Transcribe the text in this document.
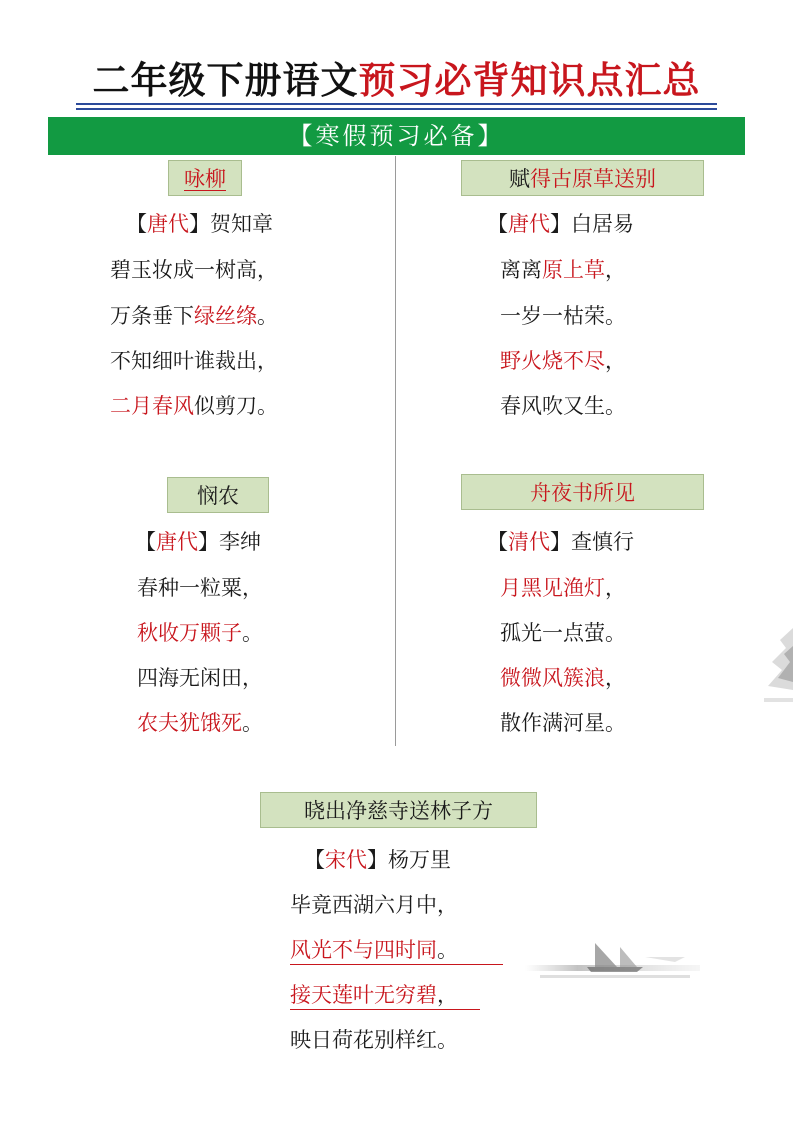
二年级下册语文预习必背知识点汇总
【寒假预习必备】
咏柳
【唐代】贺知章
碧玉妆成一树高，
万条垂下绿丝绦。
不知细叶谁裁出，
二月春风似剪刀。
赋得古原草送别
【唐代】白居易
离离原上草，
一岁一枯荣。
野火烧不尽，
春风吹又生。
悯农
【唐代】李绅
春种一粒粟，
秋收万颗子。
四海无闲田，
农夫犹饿死。
舟夜书所见
【清代】查慎行
月黑见渔灯，
孤光一点萤。
微微风簇浪，
散作满河星。
晓出净慈寺送林子方
【宋代】杨万里
毕竟西湖六月中，
风光不与四时同。
接天莲叶无穷碧，
映日荷花别样红。
